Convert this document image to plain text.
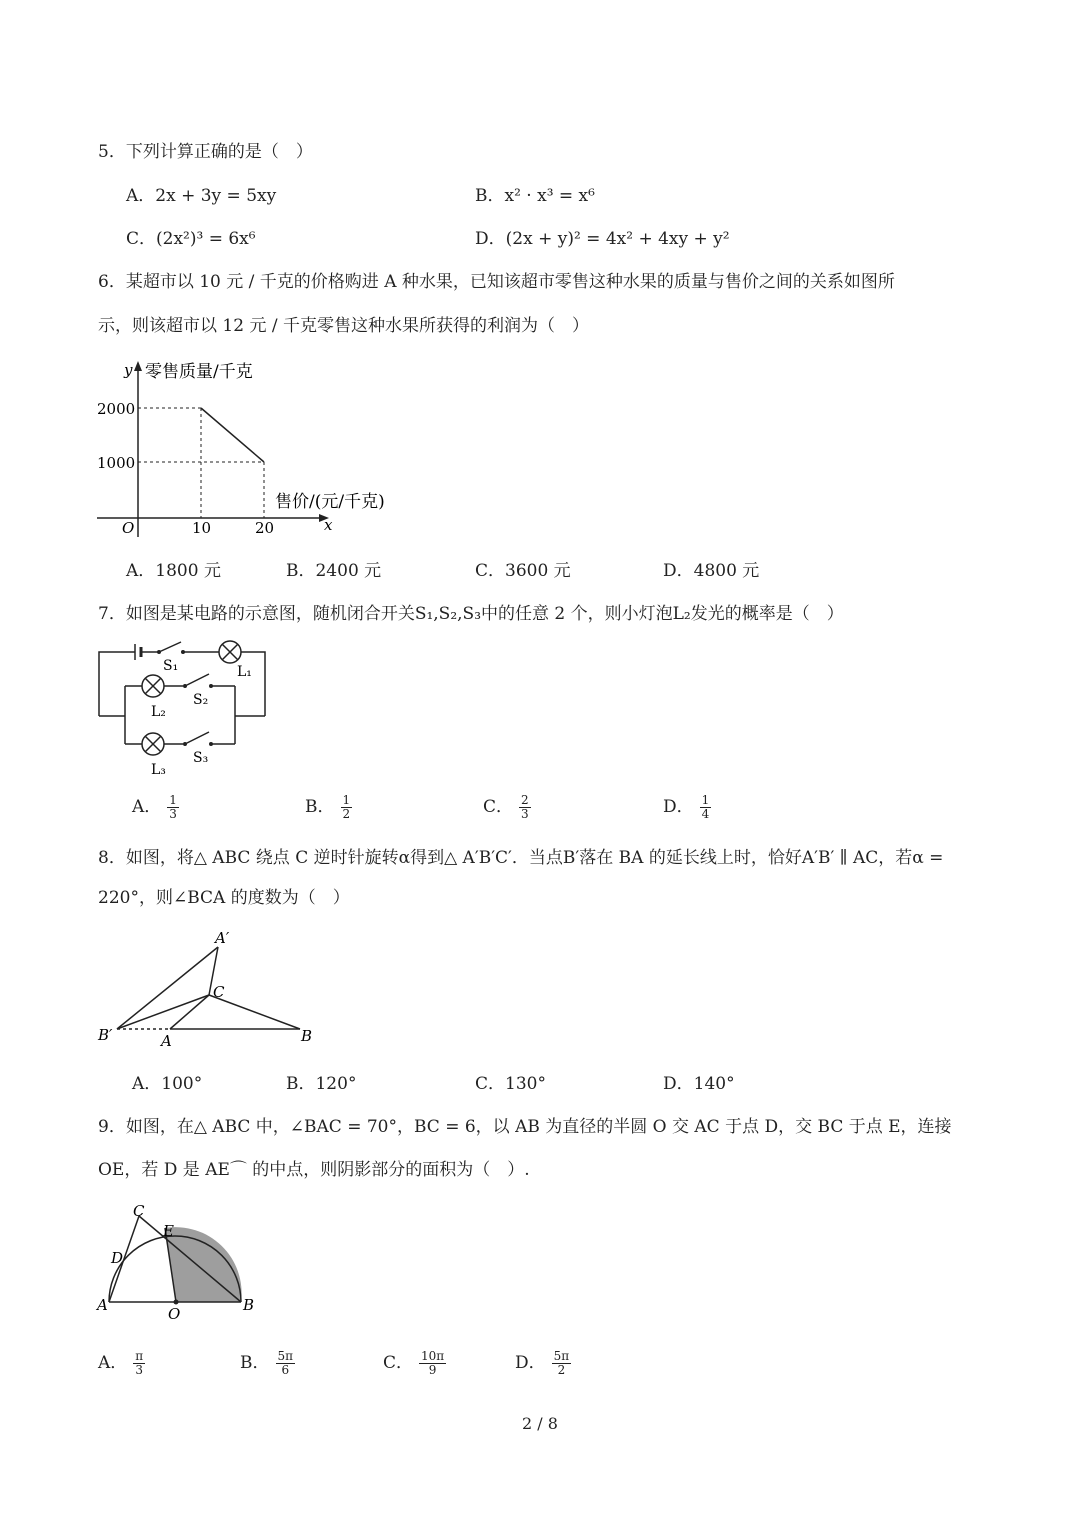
5．下列计算正确的是（　）
A．2x + 3y = 5xy	B．x² · x³ = x⁶
C．(2x²)³ = 6x⁶	D．(2x + y)² = 4x² + 4xy + y²
6．某超市以 10 元 / 千克的价格购进 A 种水果，已知该超市零售这种水果的质量与售价之间的关系如图所
示，则该超市以 12 元 / 千克零售这种水果所获得的利润为（　）
y 零售质量/千克
2000
1000
O	10	20
售价/(元/千克)
x
A．1800 元	B．2400 元	C．3600 元	D．4800 元
7．如图是某电路的示意图，随机闭合开关S₁,S₂,S₃中的任意 2 个，则小灯泡L₂发光的概率是（　）
S₁	L₁
L₂
S₂
L₃
S₃
A． $\frac{1}{3}$	B． $\frac{1}{2}$	C． $\frac{2}{3}$	D． $\frac{1}{4}$
8．如图，将△ ABC 绕点 C 逆时针旋转α得到△ A′B′C′．当点B′落在 BA 的延长线上时，恰好A′B′ ∥ AC，若α =
220°，则∠BCA 的度数为（　）
A′
C
B′	A	B
A．100°	B．120°	C．130°	D．140°
9．如图，在△ ABC 中，∠BAC = 70°，BC = 6，以 AB 为直径的半圆 O 交 AC 于点 D，交 BC 于点 E，连接
OE，若 D 是 AE⌒ 的中点，则阴影部分的面积为（　）.
C
E
D
A	O	B
A． $\frac{\pi}{3}$	B． $\frac{5\pi}{6}$	C． $\frac{10\pi}{9}$	D． $\frac{5\pi}{2}$
2 / 8
